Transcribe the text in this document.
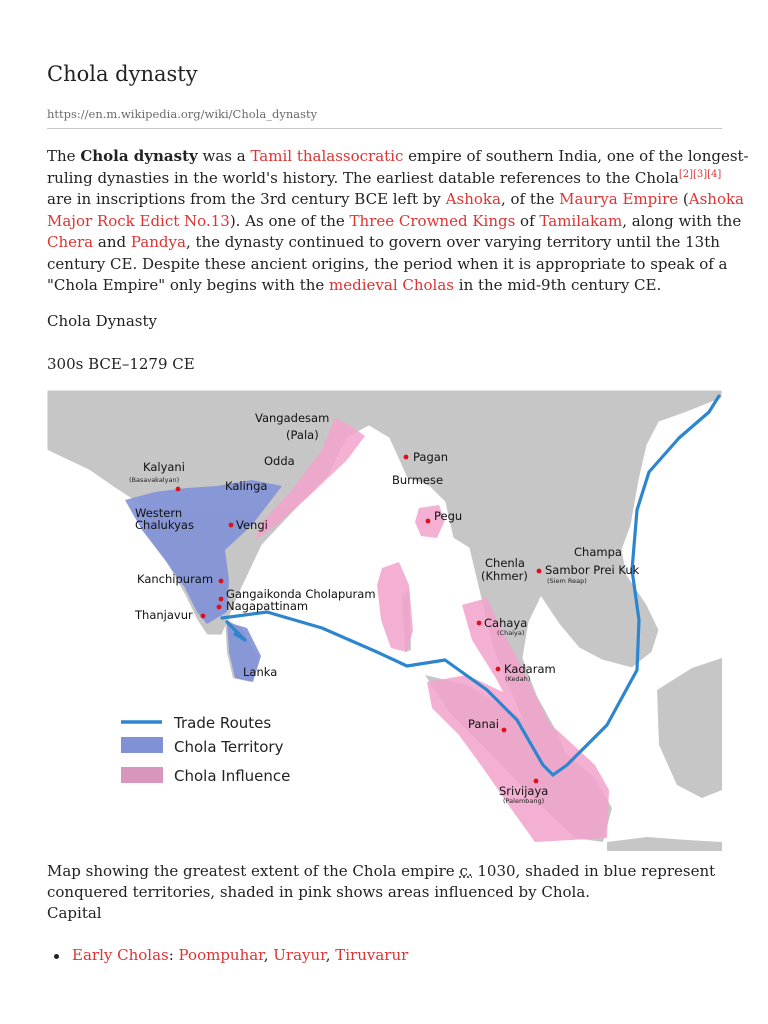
Chola dynasty
https://en.m.wikipedia.org/wiki/Chola_dynasty

The Chola dynasty was a Tamil thalassocratic empire of southern India, one of the longest-
ruling dynasties in the world's history. The earliest datable references to the Chola[2][3][4]
are in inscriptions from the 3rd century BCE left by Ashoka, of the Maurya Empire (Ashoka
Major Rock Edict No.13). As one of the Three Crowned Kings of Tamilakam, along with the
Chera and Pandya, the dynasty continued to govern over varying territory until the 13th
century CE. Despite these ancient origins, the period when it is appropriate to speak of a
"Chola Empire" only begins with the medieval Cholas in the mid-9th century CE.

Chola Dynasty
300s BCE–1279 CE
Vangadesam
(Pala)
Odda
Kalyani
(Basavakalyan)	Kalinga
Western
Chalukyas	Vengi
Kanchipuram
Gangaikonda Cholapuram
Nagapattinam
Thanjavur
Lanka
Pagan
Burmese
Pegu
Champa
Chenla
(Khmer) Sambor Prei Kuk
(Siem Reap)
Cahaya
(Chaiya)
Kadaram
(Kedah)
Panai
Srivijaya
(Palembang)
Trade Routes
Chola Territory
Chola Influence
Map showing the greatest extent of the Chola empire c. 1030, shaded in blue represent
conquered territories, shaded in pink shows areas influenced by Chola.
Capital
Early Cholas: Poompuhar, Urayur, Tiruvarur
